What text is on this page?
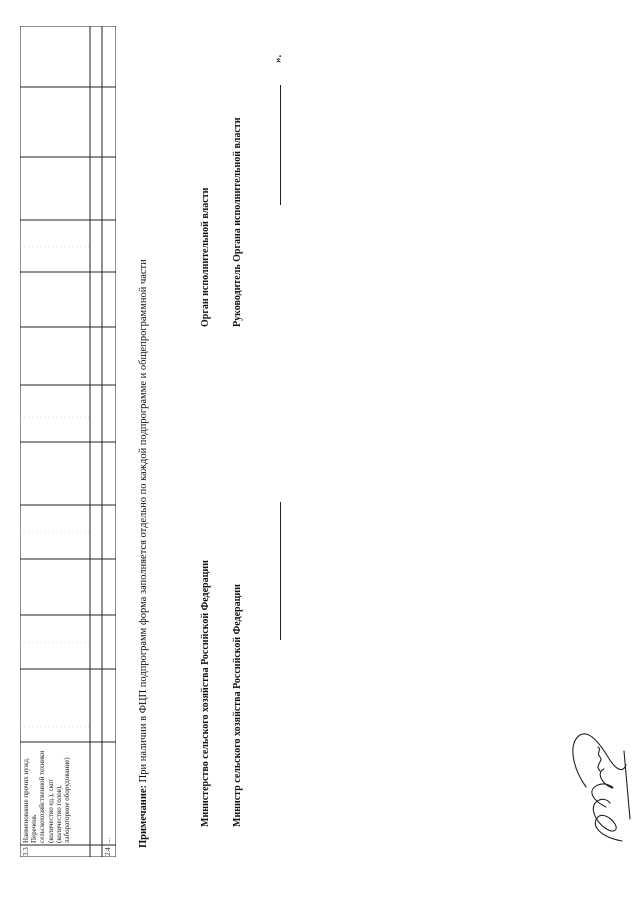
3.3
Наименование прочих нужд. Перечень сельскохозяйственной техники (количество ед.), скот (количество голов), лабораторное оборудование)
2.4
... Примечание: При наличии в ФЦП подпрограмм форма заполняется отдельно по каждой подпрограмме и общепрограммной части	Министерство сельского хозяйства Российской Федерации Министр сельского хозяйства Российской Федерации
Орган исполнительной власти Руководитель Органа исполнительной власти
».
